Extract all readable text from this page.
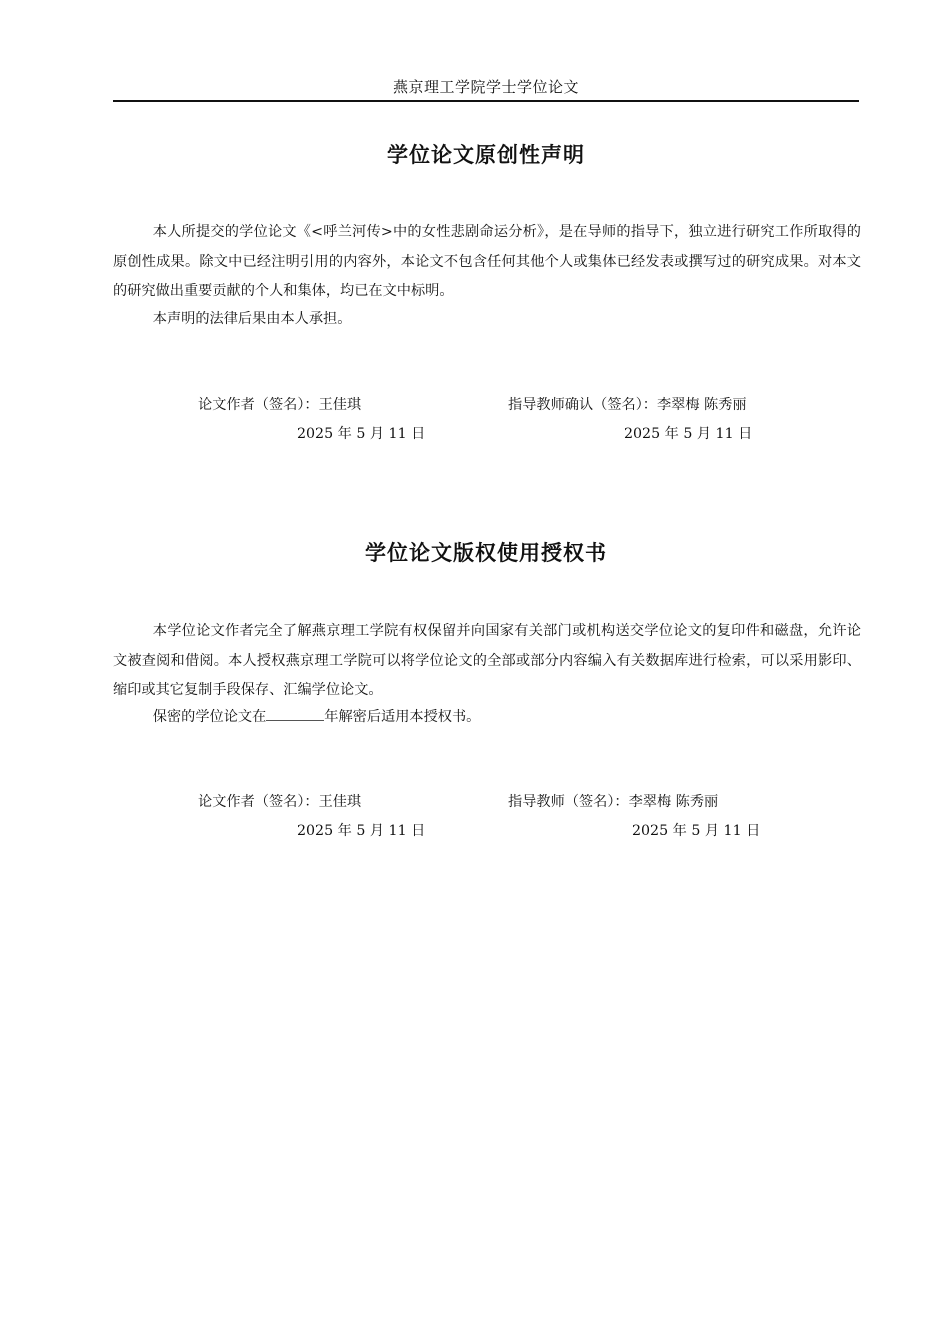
燕京理工学院学士学位论文
学位论文原创性声明

本人所提交的学位论文《<呼兰河传>中的女性悲剧命运分析》，是在导师的指导下，独立进行研究工作所取得的原创性成果。除文中已经注明引用的内容外，本论文不包含任何其他个人或集体已经发表或撰写过的研究成果。对本文的研究做出重要贡献的个人和集体，均已在文中标明。

本声明的法律后果由本人承担。

论文作者（签名）：王佳琪
2025 年 5 月 11 日
指导教师确认（签名）：李翠梅 陈秀丽
2025 年 5 月 11 日
学位论文版权使用授权书

本学位论文作者完全了解燕京理工学院有权保留并向国家有关部门或机构送交学位论文的复印件和磁盘，允许论文被查阅和借阅。本人授权燕京理工学院可以将学位论文的全部或部分内容编入有关数据库进行检索，可以采用影印、缩印或其它复制手段保存、汇编学位论文。

保密的学位论文在	年解密后适用本授权书。

论文作者（签名）：王佳琪
2025 年 5 月 11 日
指导教师（签名）：李翠梅 陈秀丽
2025 年 5 月 11 日
